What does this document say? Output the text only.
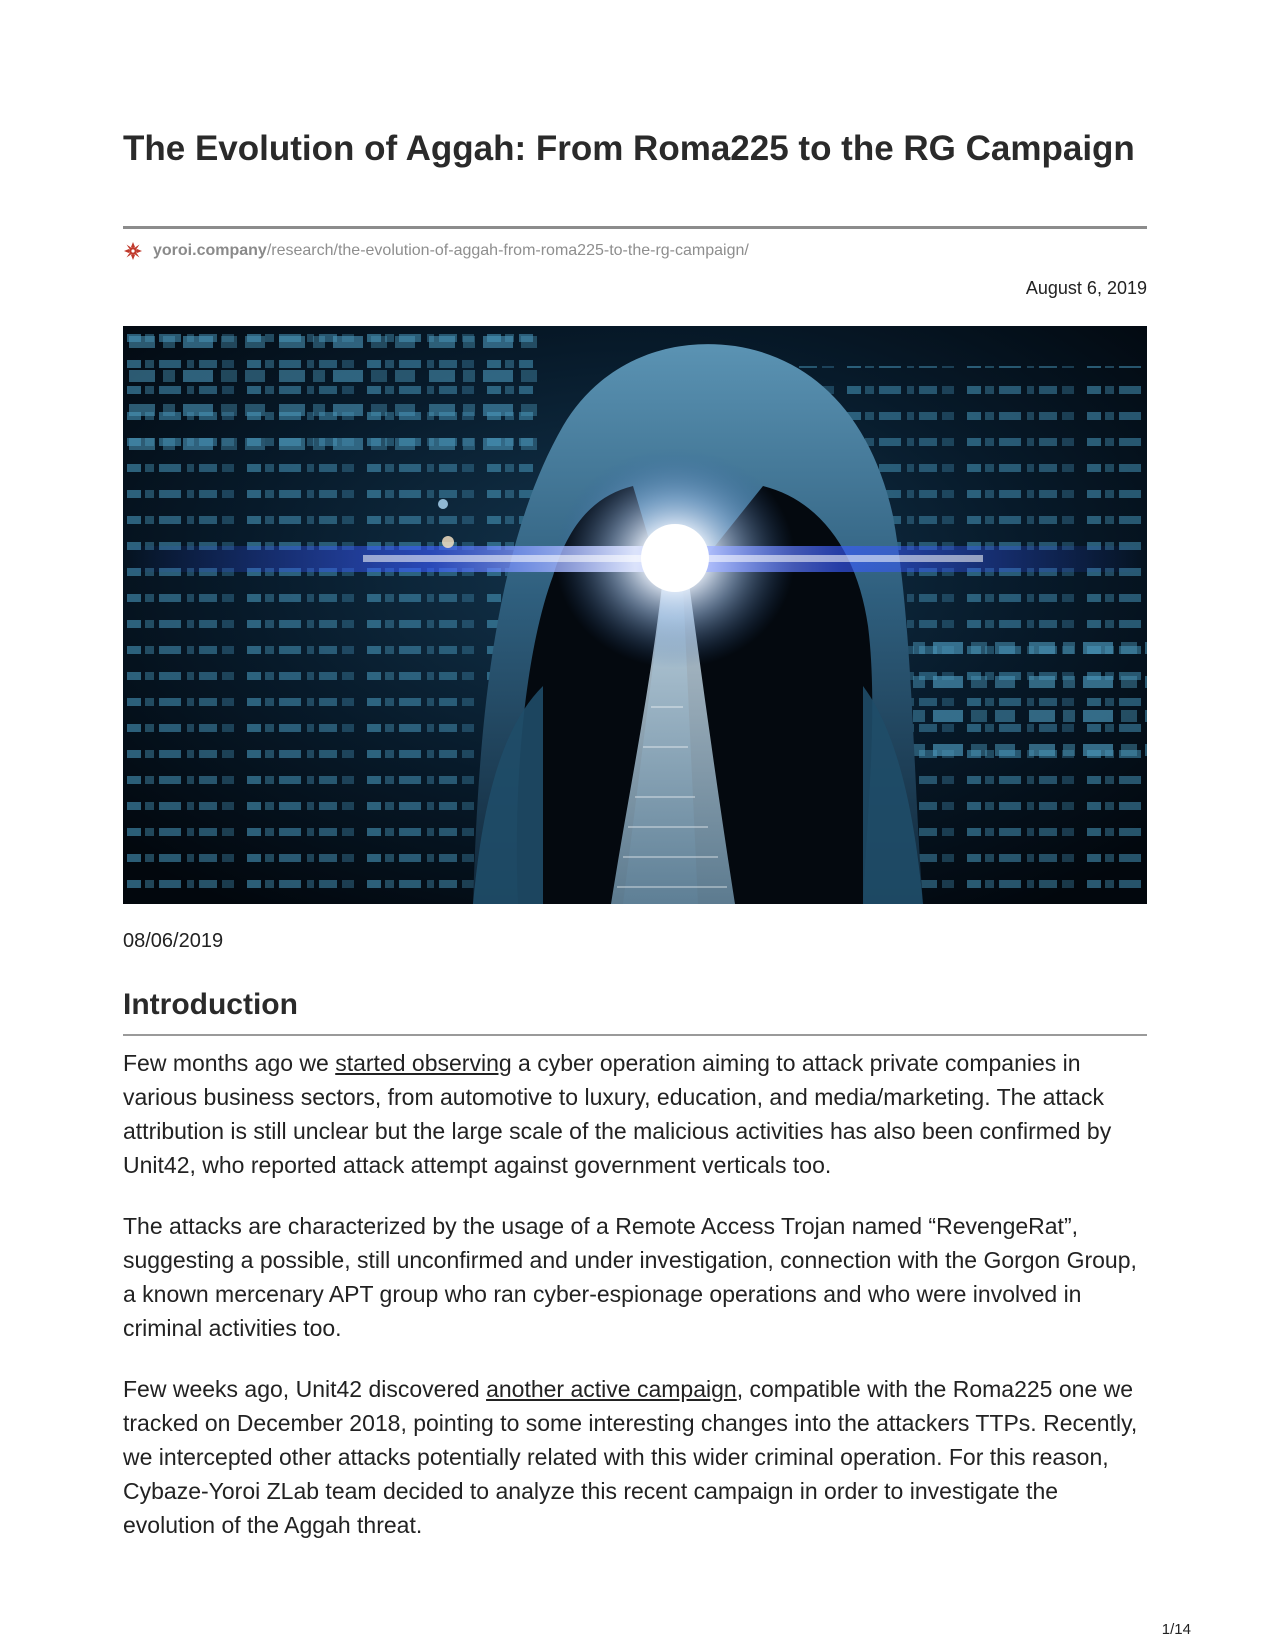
The Evolution of Aggah: From Roma225 to the RG Campaign
yoroi.company /research/the-evolution-of-aggah-from-roma225-to-the-rg-campaign/
August 6, 2019
08/06/2019
Introduction

Few months ago we started observing a cyber operation aiming to attack private companies in various business sectors, from automotive to luxury, education, and media/marketing. The attack attribution is still unclear but the large scale of the malicious activities has also been confirmed by Unit42, who reported attack attempt against government verticals too.

The attacks are characterized by the usage of a Remote Access Trojan named “RevengeRat”, suggesting a possible, still unconfirmed and under investigation, connection with the Gorgon Group, a known mercenary APT group who ran cyber-espionage operations and who were involved in criminal activities too.

Few weeks ago, Unit42 discovered another active campaign, compatible with the Roma225 one we tracked on December 2018, pointing to some interesting changes into the attackers TTPs. Recently, we intercepted other attacks potentially related with this wider criminal operation. For this reason, Cybaze-Yoroi ZLab team decided to analyze this recent campaign in order to investigate the evolution of the Aggah threat.

1/14
